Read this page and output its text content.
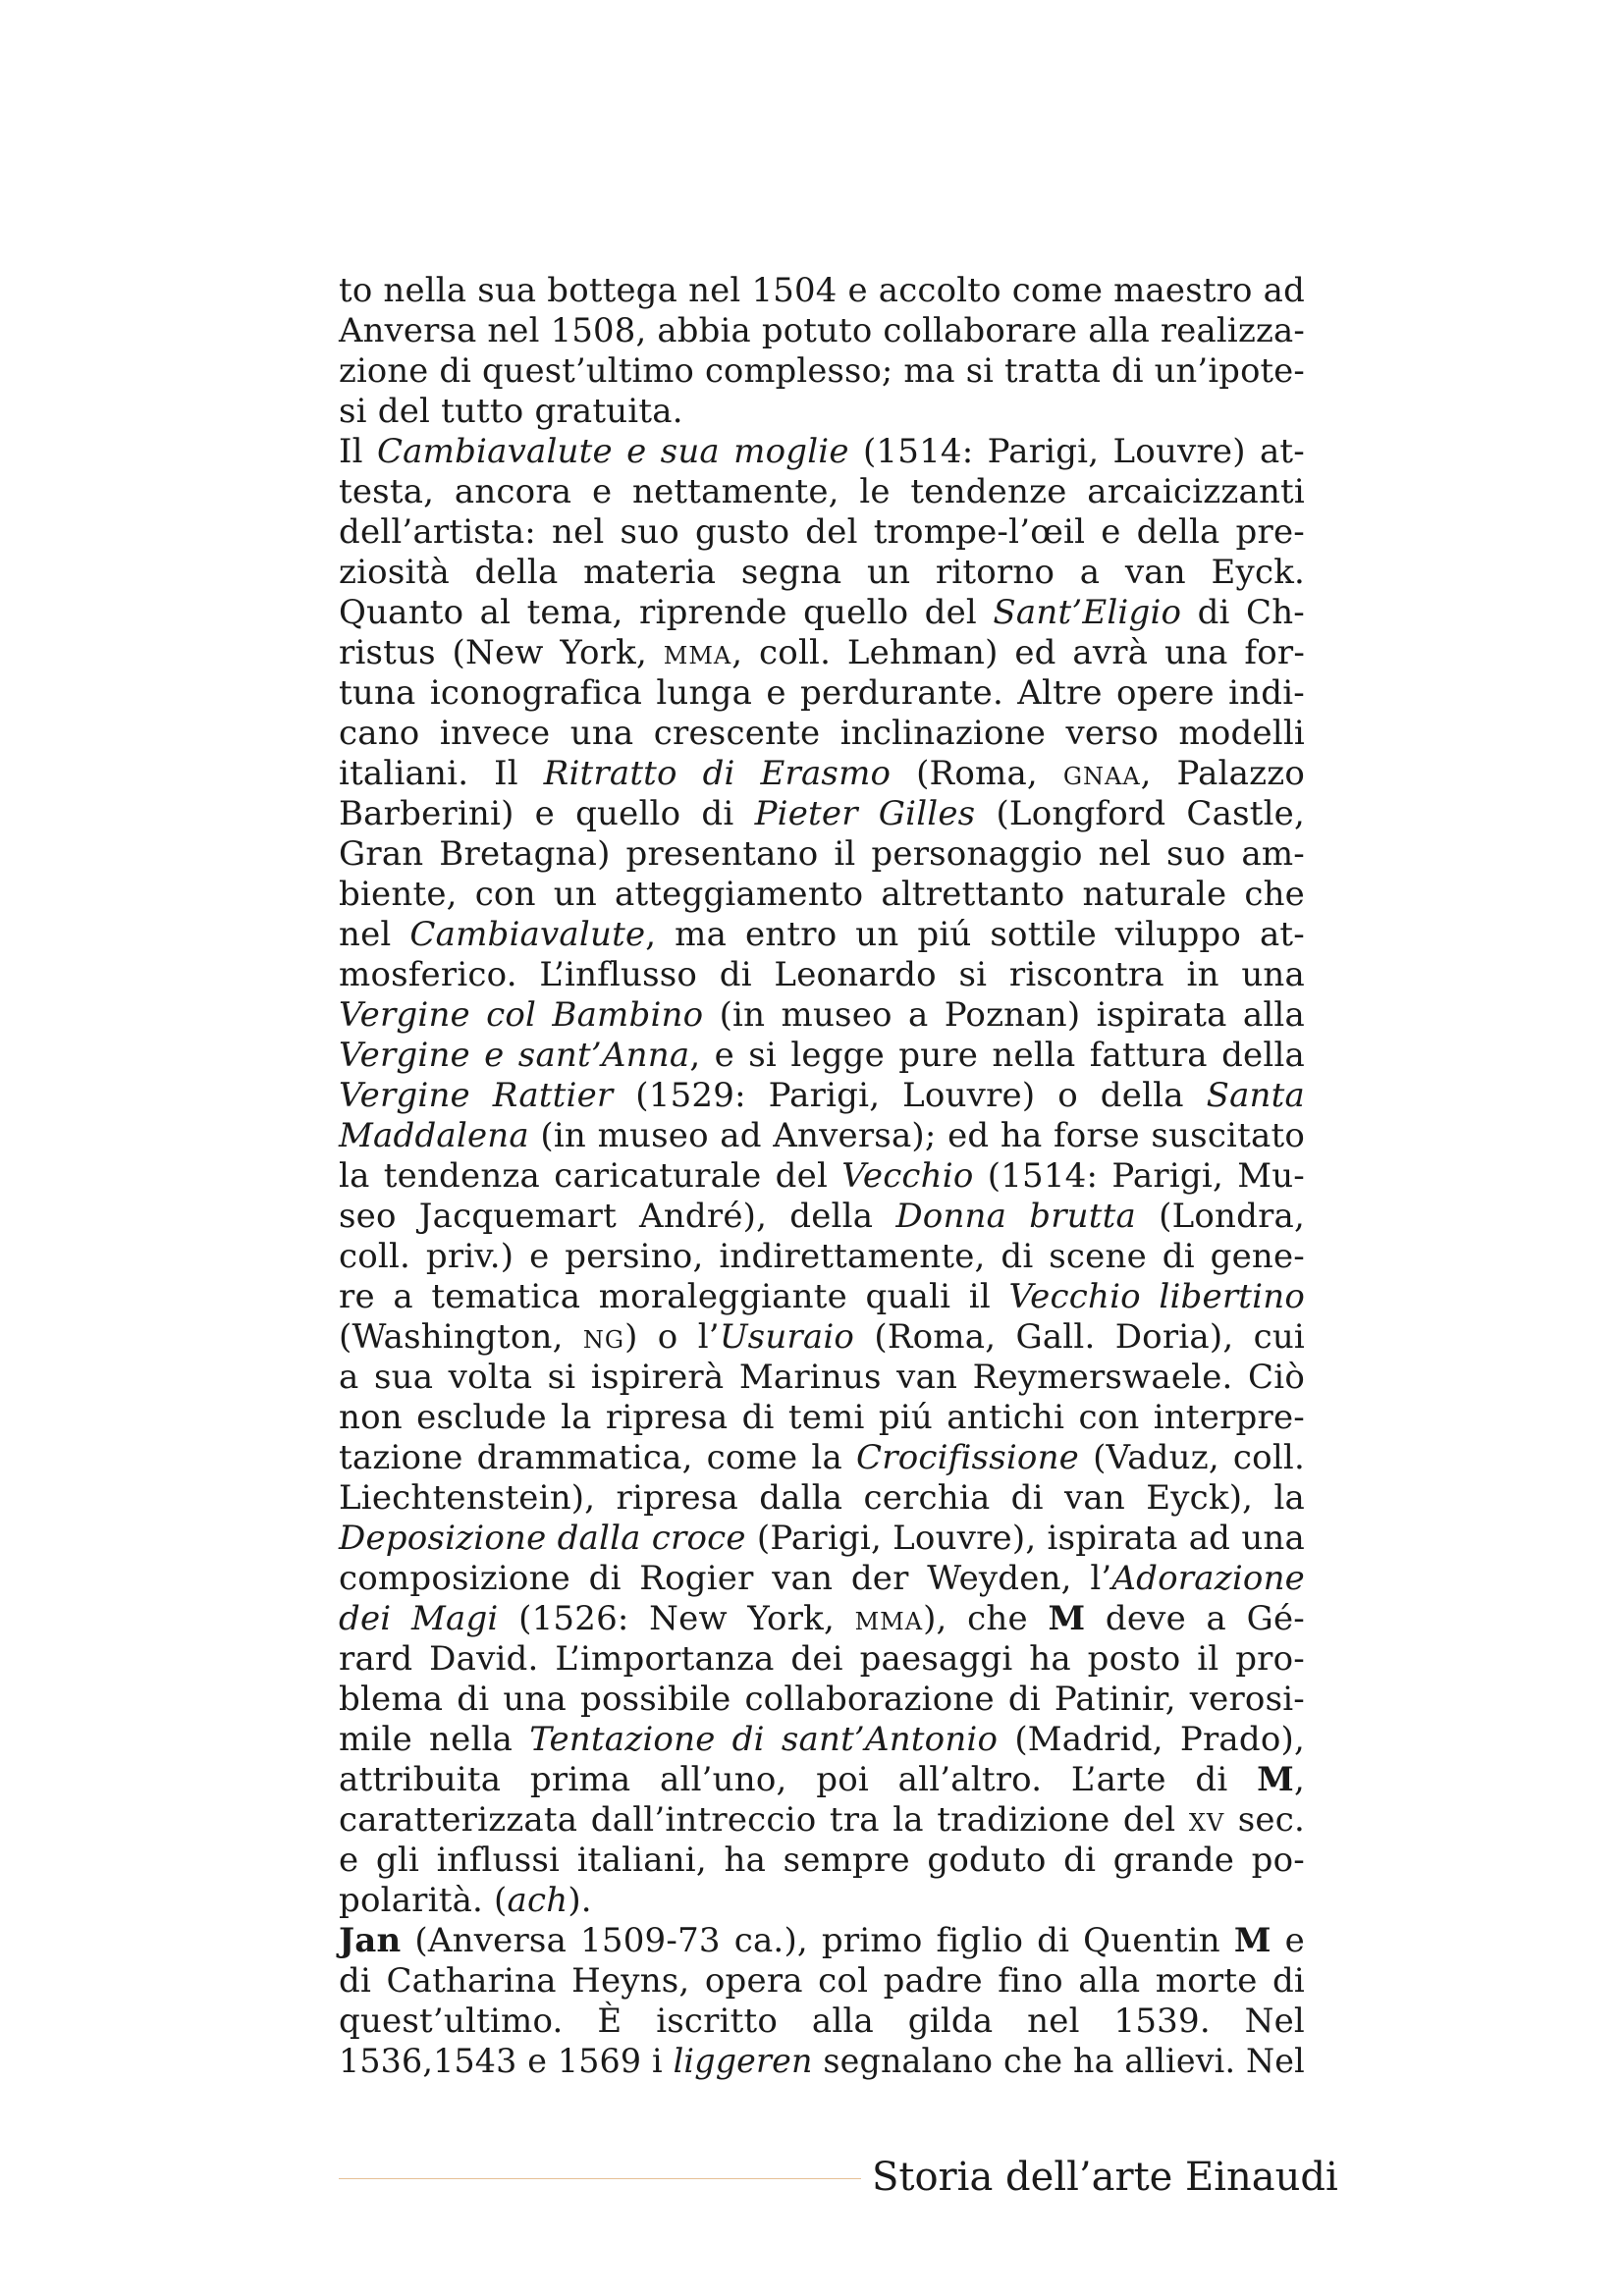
to nella sua bottega nel 1504 e accolto come maestro ad
Anversa nel 1508, abbia potuto collaborare alla realizza-
zione di quest’ultimo complesso; ma si tratta di un’ipote-
si del tutto gratuita.
Il Cambiavalute e sua moglie (1514: Parigi, Louvre) at-
testa, ancora e nettamente, le tendenze arcaicizzanti
dell’artista: nel suo gusto del trompe-l’œil e della pre-
ziosità della materia segna un ritorno a van Eyck.
Quanto al tema, riprende quello del Sant’Eligio di Ch-
ristus (New York, mma, coll. Lehman) ed avrà una for-
tuna iconografica lunga e perdurante. Altre opere indi-
cano invece una crescente inclinazione verso modelli
italiani. Il Ritratto di Erasmo (Roma, gnaa, Palazzo
Barberini) e quello di Pieter Gilles (Longford Castle,
Gran Bretagna) presentano il personaggio nel suo am-
biente, con un atteggiamento altrettanto naturale che
nel Cambiavalute, ma entro un piú sottile viluppo at-
mosferico. L’influsso di Leonardo si riscontra in una
Vergine col Bambino (in museo a Poznan) ispirata alla
Vergine e sant’Anna, e si legge pure nella fattura della
Vergine Rattier (1529: Parigi, Louvre) o della Santa
Maddalena (in museo ad Anversa); ed ha forse suscitato
la tendenza caricaturale del Vecchio (1514: Parigi, Mu-
seo Jacquemart André), della Donna brutta (Londra,
coll. priv.) e persino, indirettamente, di scene di gene-
re a tematica moraleggiante quali il Vecchio libertino
(Washington, ng) o l’Usuraio (Roma, Gall. Doria), cui
a sua volta si ispirerà Marinus van Reymerswaele. Ciò
non esclude la ripresa di temi piú antichi con interpre-
tazione drammatica, come la Crocifissione (Vaduz, coll.
Liechtenstein), ripresa dalla cerchia di van Eyck), la
Deposizione dalla croce (Parigi, Louvre), ispirata ad una
composizione di Rogier van der Weyden, l’Adorazione
dei Magi (1526: New York, mma), che M deve a Gé-
rard David. L’importanza dei paesaggi ha posto il pro-
blema di una possibile collaborazione di Patinir, verosi-
mile nella Tentazione di sant’Antonio (Madrid, Prado),
attribuita prima all’uno, poi all’altro. L’arte di M,
caratterizzata dall’intreccio tra la tradizione del xv sec.
e gli influssi italiani, ha sempre goduto di grande po-
polarità. (ach).
Jan (Anversa 1509-73 ca.), primo figlio di Quentin M e
di Catharina Heyns, opera col padre fino alla morte di
quest’ultimo. È iscritto alla gilda nel 1539. Nel
1536,1543 e 1569 i liggeren segnalano che ha allievi. Nel
Storia dell’arte Einaudi
